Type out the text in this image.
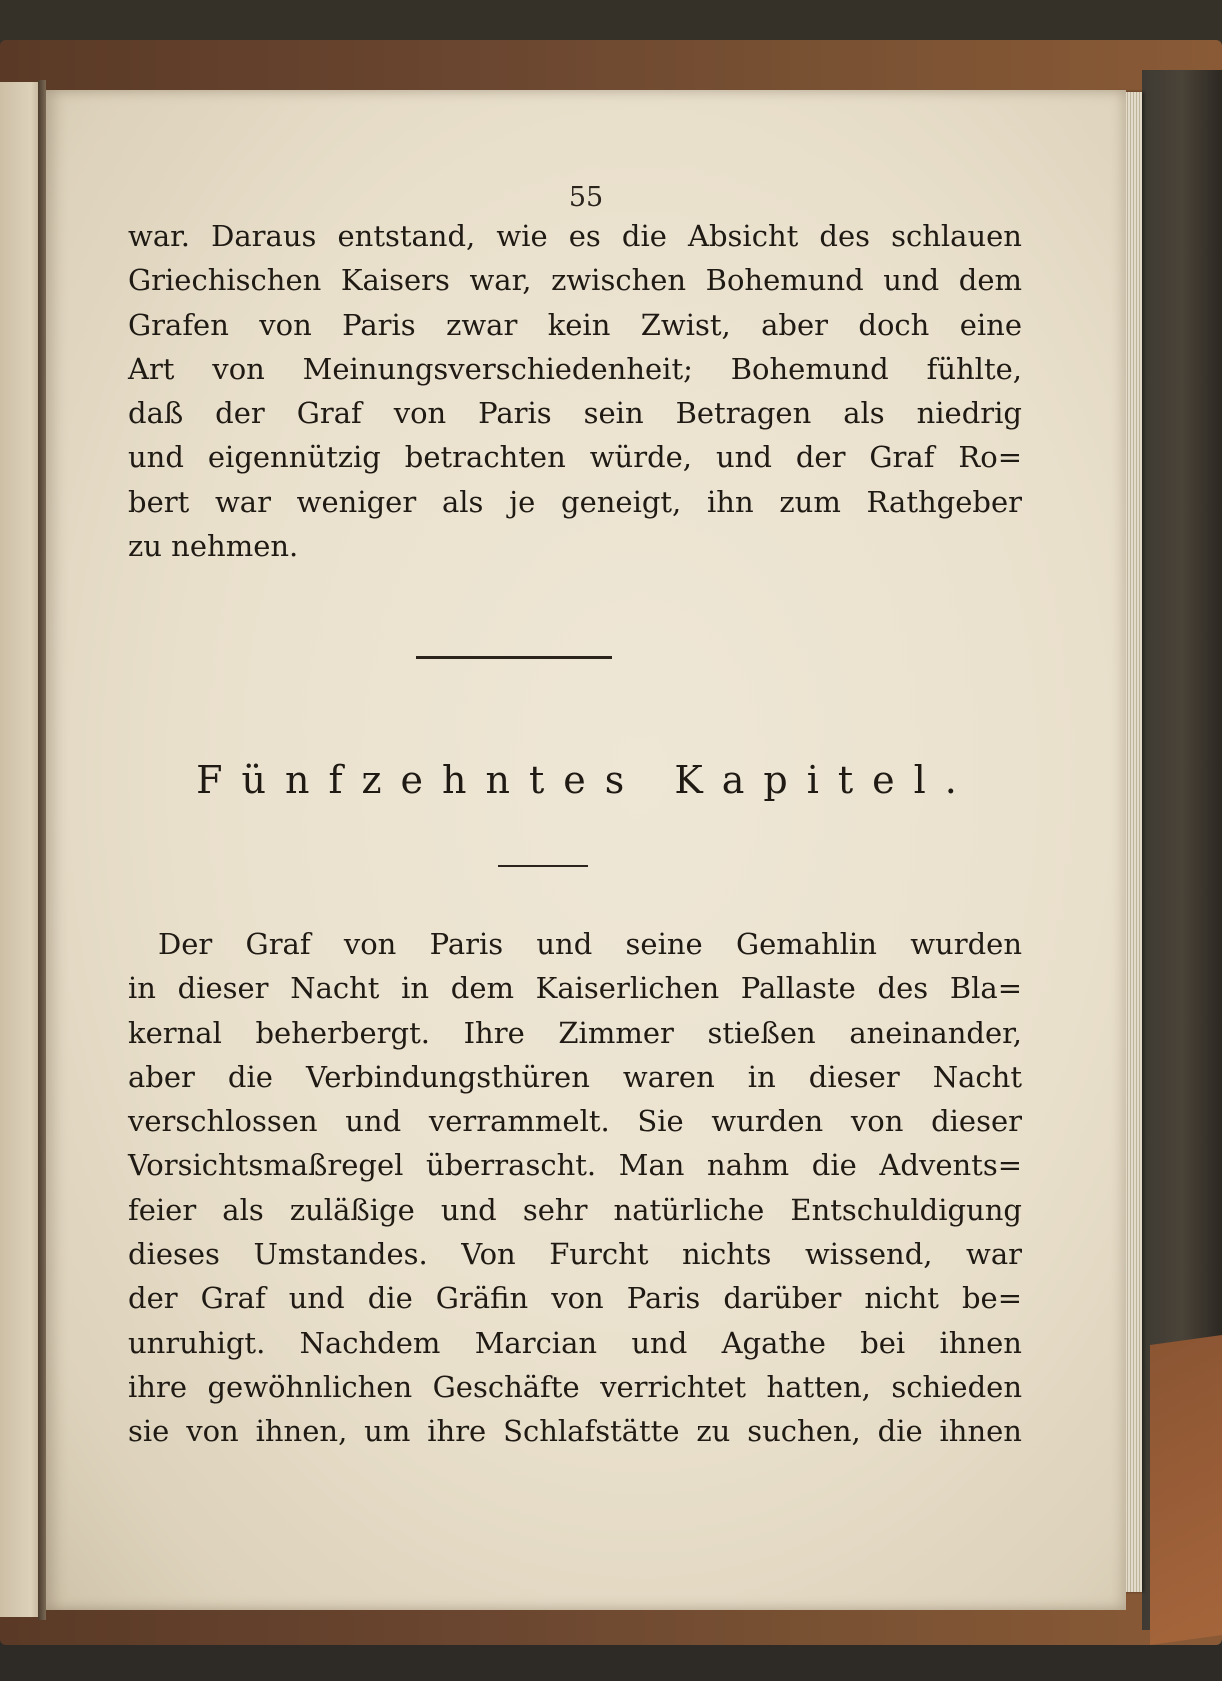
55
war. Daraus entstand, wie es die Absicht des schlauen
Griechischen Kaisers war, zwischen Bohemund und dem
Grafen von Paris zwar kein Zwist, aber doch eine
Art von Meinungsverschiedenheit; Bohemund fühlte,
daß der Graf von Paris sein Betragen als niedrig
und eigennützig betrachten würde, und der Graf Ro=
bert war weniger als je geneigt, ihn zum Rathgeber
zu nehmen.
Fünfzehntes Kapitel.
Der Graf von Paris und seine Gemahlin wurden
in dieser Nacht in dem Kaiserlichen Pallaste des Bla=
kernal beherbergt. Ihre Zimmer stießen aneinander,
aber die Verbindungsthüren waren in dieser Nacht
verschlossen und verrammelt. Sie wurden von dieser
Vorsichtsmaßregel überrascht. Man nahm die Advents=
feier als zuläßige und sehr natürliche Entschuldigung
dieses Umstandes. Von Furcht nichts wissend, war
der Graf und die Gräfin von Paris darüber nicht be=
unruhigt. Nachdem Marcian und Agathe bei ihnen
ihre gewöhnlichen Geschäfte verrichtet hatten, schieden
sie von ihnen, um ihre Schlafstätte zu suchen, die ihnen
